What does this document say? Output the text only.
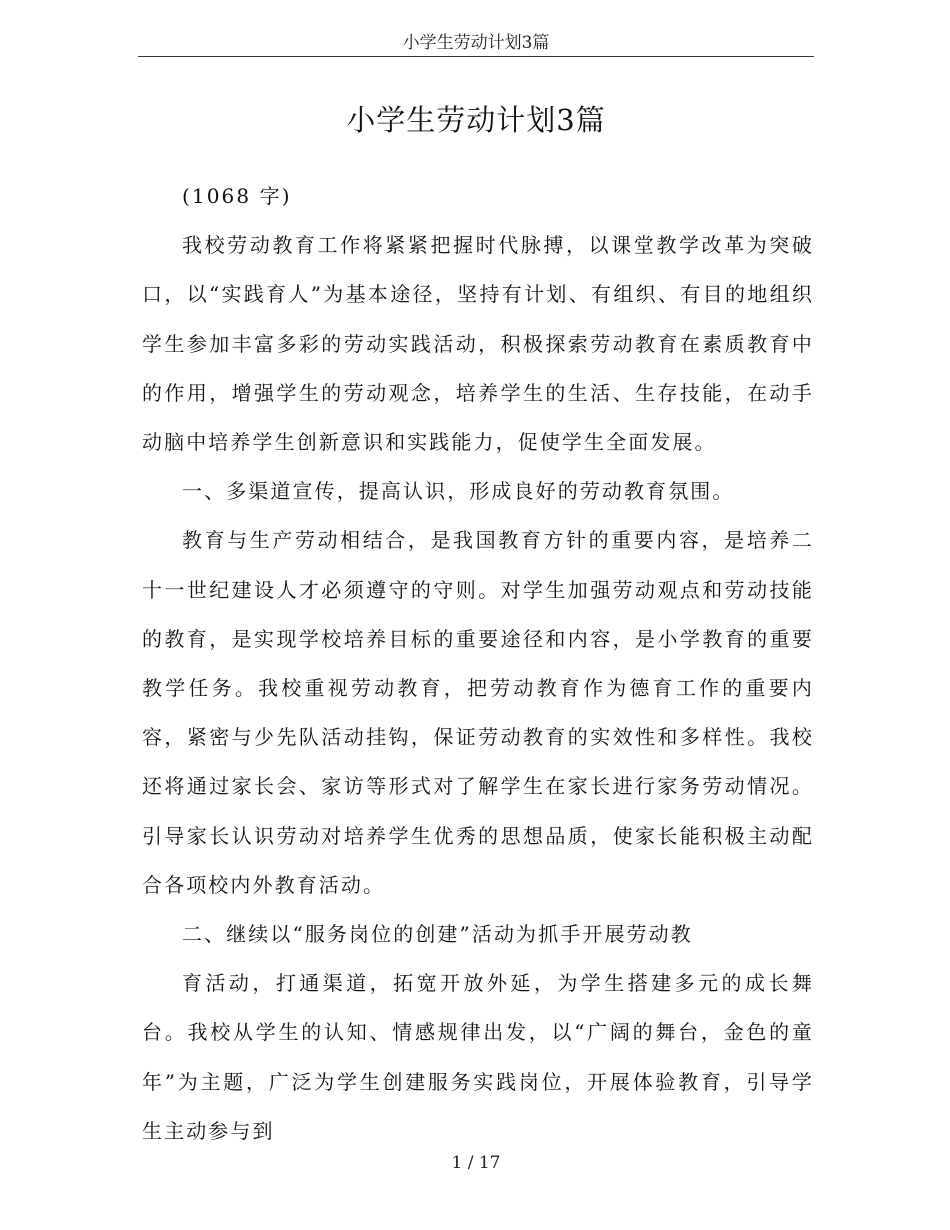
小学生劳动计划3篇
小学生劳动计划3篇

(1068 字)

我校劳动教育工作将紧紧把握时代脉搏，以课堂教学改革为突破口，以“实践育人”为基本途径，坚持有计划、有组织、有目的地组织学生参加丰富多彩的劳动实践活动，积极探索劳动教育在素质教育中的作用，增强学生的劳动观念，培养学生的生活、生存技能，在动手动脑中培养学生创新意识和实践能力，促使学生全面发展。

一、多渠道宣传，提高认识，形成良好的劳动教育氛围。

教育与生产劳动相结合，是我国教育方针的重要内容，是培养二十一世纪建设人才必须遵守的守则。对学生加强劳动观点和劳动技能的教育，是实现学校培养目标的重要途径和内容，是小学教育的重要教学任务。我校重视劳动教育，把劳动教育作为德育工作的重要内容，紧密与少先队活动挂钩，保证劳动教育的实效性和多样性。我校还将通过家长会、家访等形式对了解学生在家长进行家务劳动情况。引导家长认识劳动对培养学生优秀的思想品质，使家长能积极主动配合各项校内外教育活动。

二、继续以“服务岗位的创建”活动为抓手开展劳动教

育活动，打通渠道，拓宽开放外延，为学生搭建多元的成长舞台。我校从学生的认知、情感规律出发，以“广阔的舞台，金色的童年”为主题，广泛为学生创建服务实践岗位，开展体验教育，引导学生主动参与到

1 / 17
